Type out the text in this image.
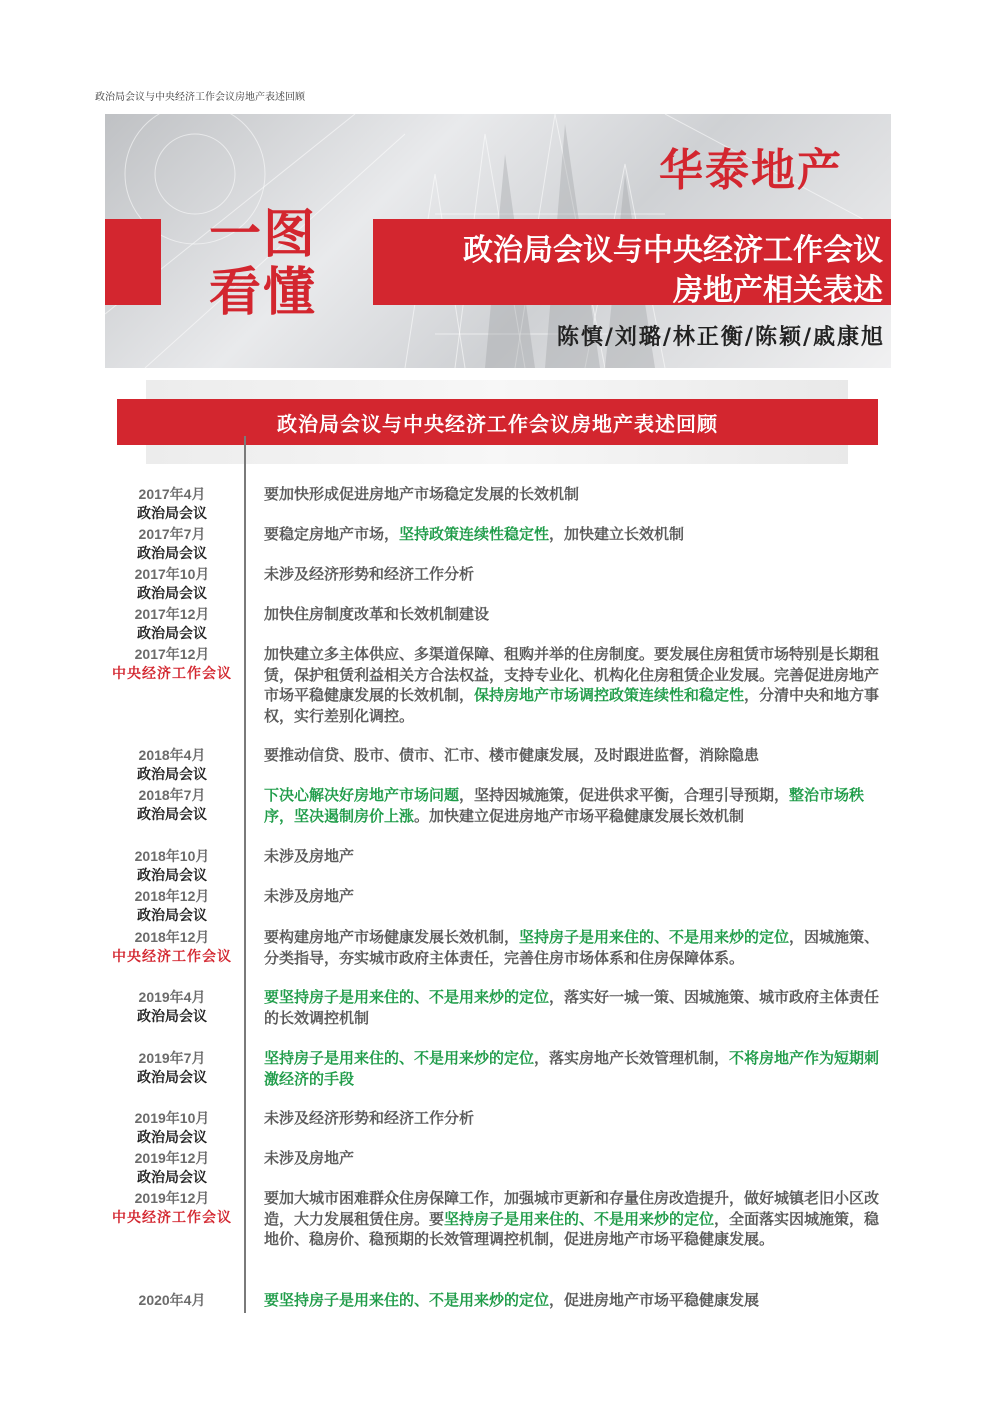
政治局会议与中央经济工作会议房地产表述回顾
华泰地产
一图
看懂
政治局会议与中央经济工作会议
房地产相关表述
陈慎/刘璐/林正衡/陈颖/戚康旭
政治局会议与中央经济工作会议房地产表述回顾
2017年4月
政治局会议
要加快形成促进房地产市场稳定发展的长效机制
2017年7月
政治局会议
要稳定房地产市场，坚持政策连续性稳定性，加快建立长效机制
2017年10月
政治局会议
未涉及经济形势和经济工作分析
2017年12月
政治局会议
加快住房制度改革和长效机制建设
2017年12月
中央经济工作会议
加快建立多主体供应、多渠道保障、租购并举的住房制度。要发展住房租赁市场特别是长期租赁，保护租赁利益相关方合法权益，支持专业化、机构化住房租赁企业发展。完善促进房地产市场平稳健康发展的长效机制，保持房地产市场调控政策连续性和稳定性，分清中央和地方事权，实行差别化调控。
2018年4月
政治局会议
要推动信贷、股市、债市、汇市、楼市健康发展，及时跟进监督，消除隐患
2018年7月
政治局会议
下决心解决好房地产市场问题，坚持因城施策，促进供求平衡，合理引导预期，整治市场秩序，坚决遏制房价上涨。加快建立促进房地产市场平稳健康发展长效机制
2018年10月
政治局会议
未涉及房地产
2018年12月
政治局会议
未涉及房地产
2018年12月
中央经济工作会议
要构建房地产市场健康发展长效机制，坚持房子是用来住的、不是用来炒的定位，因城施策、分类指导，夯实城市政府主体责任，完善住房市场体系和住房保障体系。
2019年4月
政治局会议
要坚持房子是用来住的、不是用来炒的定位，落实好一城一策、因城施策、城市政府主体责任的长效调控机制
2019年7月
政治局会议
坚持房子是用来住的、不是用来炒的定位，落实房地产长效管理机制，不将房地产作为短期刺激经济的手段
2019年10月
政治局会议
未涉及经济形势和经济工作分析
2019年12月
政治局会议
未涉及房地产
2019年12月
中央经济工作会议
要加大城市困难群众住房保障工作，加强城市更新和存量住房改造提升，做好城镇老旧小区改造，大力发展租赁住房。要坚持房子是用来住的、不是用来炒的定位，全面落实因城施策，稳地价、稳房价、稳预期的长效管理调控机制，促进房地产市场平稳健康发展。
2020年4月	要坚持房子是用来住的、不是用来炒的定位，促进房地产市场平稳健康发展
